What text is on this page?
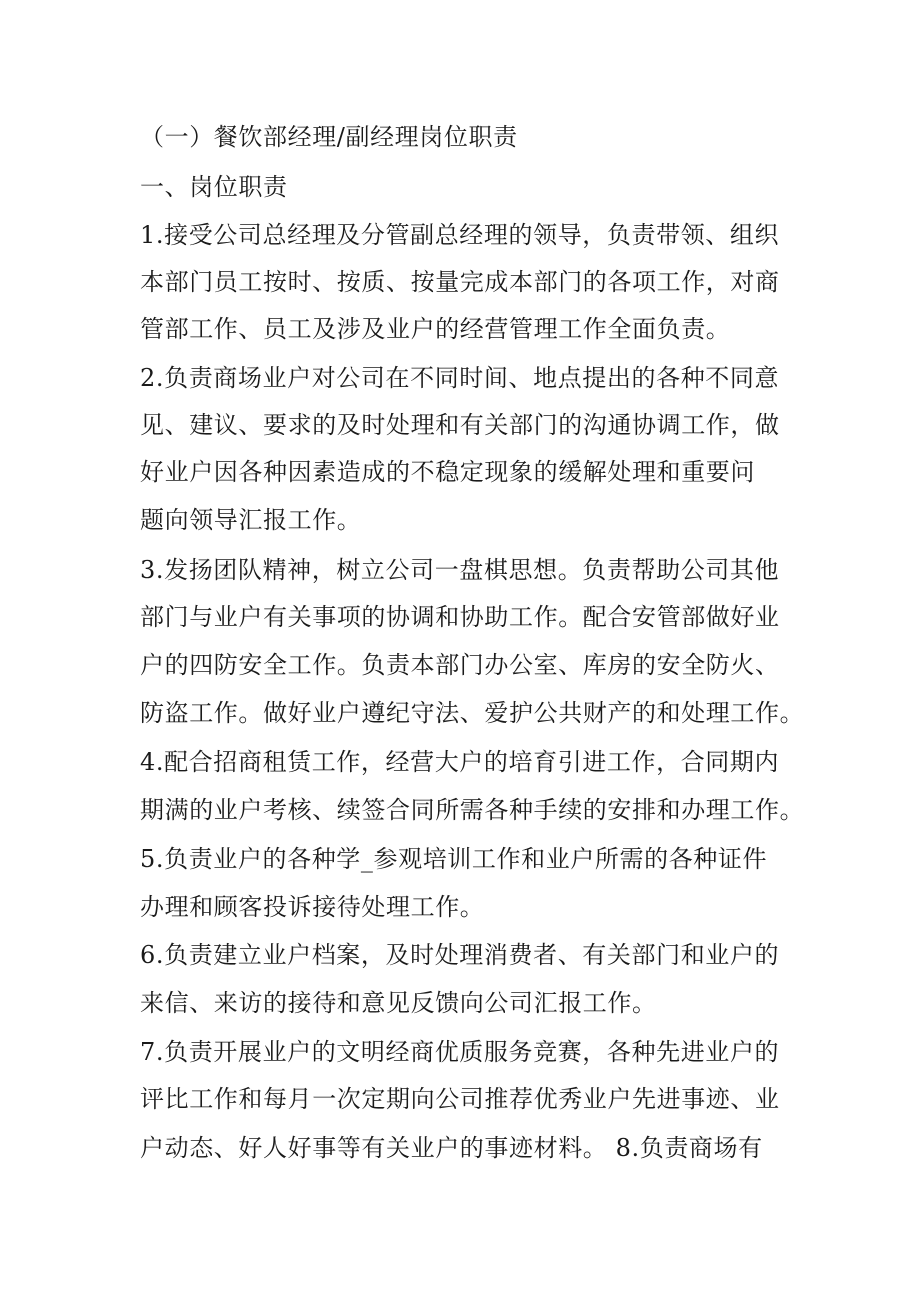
（一）餐饮部经理/副经理岗位职责
一、岗位职责
1.接受公司总经理及分管副总经理的领导，负责带领、组织
本部门员工按时、按质、按量完成本部门的各项工作，对商
管部工作、员工及涉及业户的经营管理工作全面负责。
2.负责商场业户对公司在不同时间、地点提出的各种不同意
见、建议、要求的及时处理和有关部门的沟通协调工作，做
好业户因各种因素造成的不稳定现象的缓解处理和重要问
题向领导汇报工作。
3.发扬团队精神，树立公司一盘棋思想。负责帮助公司其他
部门与业户有关事项的协调和协助工作。配合安管部做好业
户的四防安全工作。负责本部门办公室、库房的安全防火、
防盗工作。做好业户遵纪守法、爱护公共财产的和处理工作。
4.配合招商租赁工作，经营大户的培育引进工作，合同期内
期满的业户考核、续签合同所需各种手续的安排和办理工作。
5.负责业户的各种学_参观培训工作和业户所需的各种证件
办理和顾客投诉接待处理工作。
6.负责建立业户档案，及时处理消费者、有关部门和业户的
来信、来访的接待和意见反馈向公司汇报工作。
7.负责开展业户的文明经商优质服务竞赛，各种先进业户的
评比工作和每月一次定期向公司推荐优秀业户先进事迹、业
户动态、好人好事等有关业户的事迹材料。 8.负责商场有
